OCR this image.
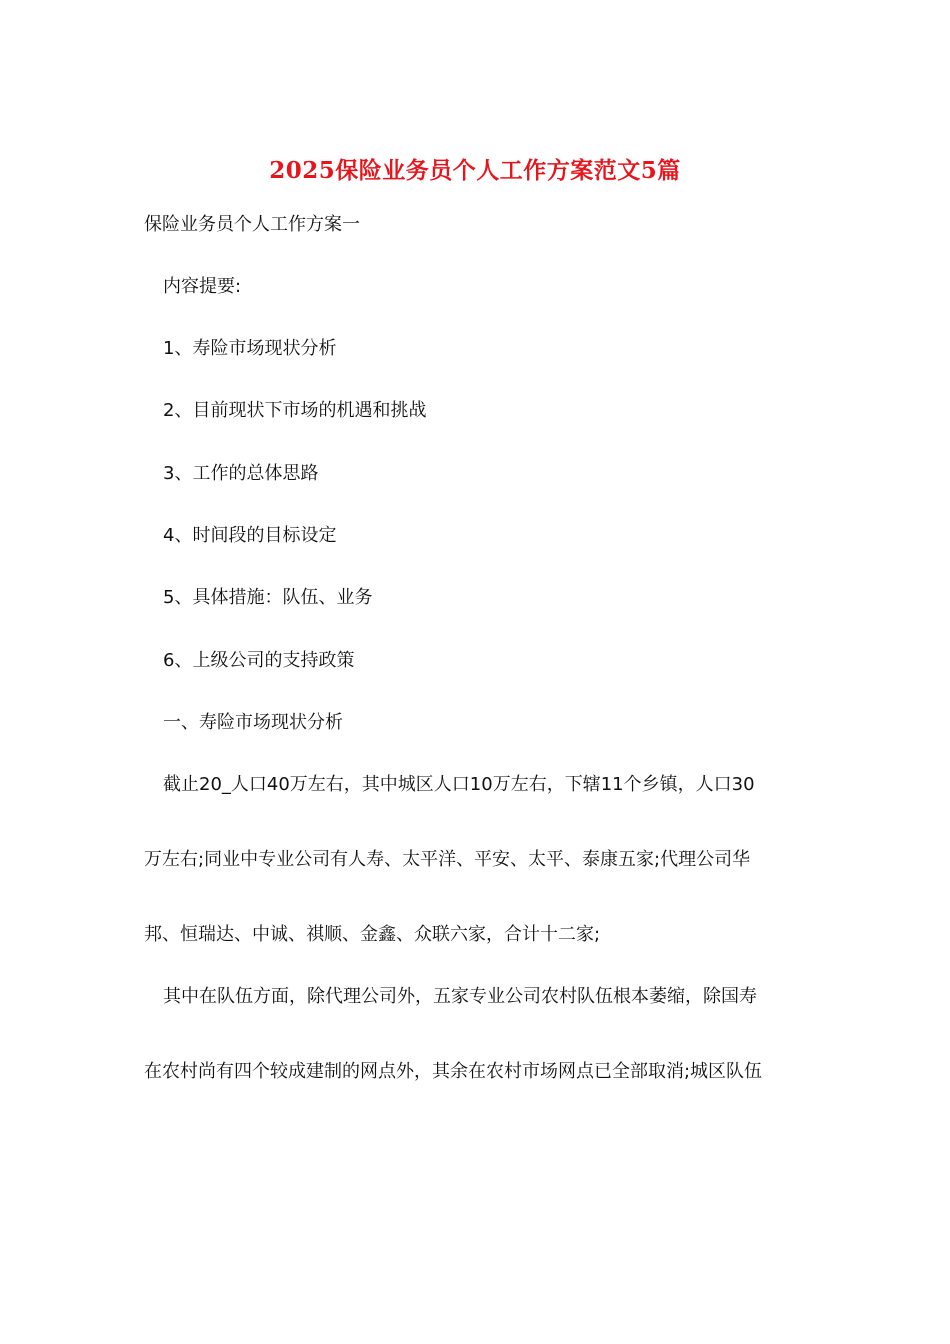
2025保险业务员个人工作方案范文5篇
保险业务员个人工作方案一
内容提要:
1、寿险市场现状分析
2、目前现状下市场的机遇和挑战
3、工作的总体思路
4、时间段的目标设定
5、具体措施：队伍、业务
6、上级公司的支持政策
一、寿险市场现状分析
截止20_人口40万左右，其中城区人口10万左右，下辖11个乡镇，人口30
万左右;同业中专业公司有人寿、太平洋、平安、太平、泰康五家;代理公司华
邦、恒瑞达、中诚、祺顺、金鑫、众联六家，合计十二家;
其中在队伍方面，除代理公司外，五家专业公司农村队伍根本萎缩，除国寿
在农村尚有四个较成建制的网点外，其余在农村市场网点已全部取消;城区队伍
